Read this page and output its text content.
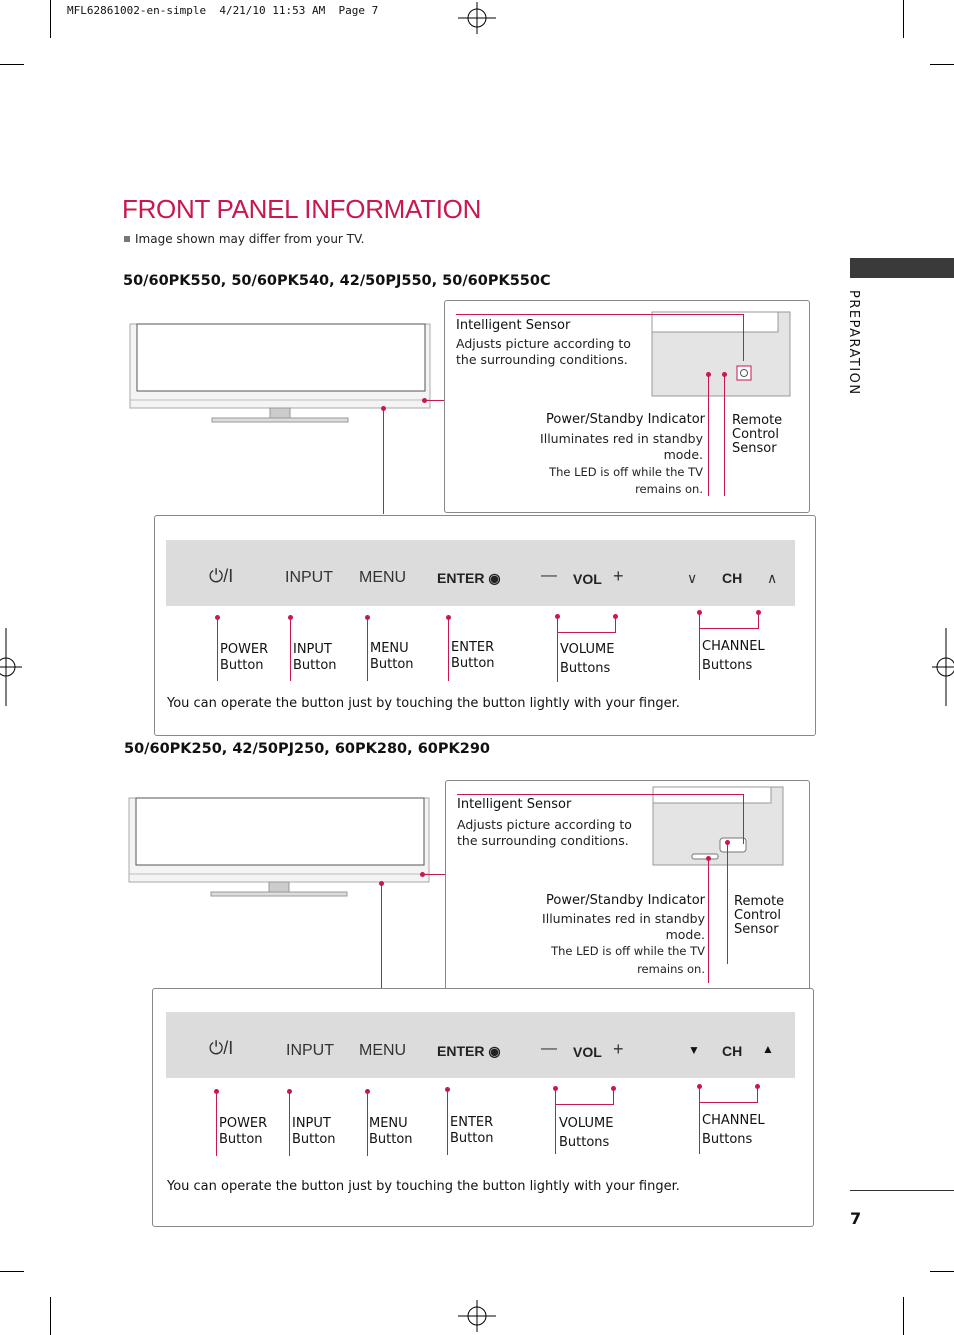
MFL62861002-en-simple  4/21/10 11:53 AM  Page 7
FRONT PANEL INFORMATION
Image shown may differ from your TV.
PREPARATION
7
50/60PK550, 50/60PK540, 42/50PJ550, 50/60PK550C
Intelligent Sensor
Adjusts picture according to
the surrounding conditions.
Power/Standby Indicator
Illuminates red in standby
mode.
The LED is off while the TV
remains on.
Remote
Control
Sensor
⏻/I	INPUT MENU ENTER ◉	— VOL +	∨ CH ∧
POWER
Button
INPUT
Button
MENU
Button
ENTER
Button
VOLUME
Buttons
CHANNEL
Buttons
You can operate the button just by touching the button lightly with your finger.
50/60PK250, 42/50PJ250, 60PK280, 60PK290
Intelligent Sensor
Adjusts picture according to
the surrounding conditions.
Power/Standby Indicator
Illuminates red in standby
mode.
The LED is off while the TV
remains on.
Remote
Control
Sensor
⏻/I	INPUT MENU ENTER ◉	— VOL +	▼ CH ▲
POWER
Button
INPUT
Button
MENU
Button
ENTER
Button
VOLUME
Buttons
CHANNEL
Buttons
You can operate the button just by touching the button lightly with your finger.
